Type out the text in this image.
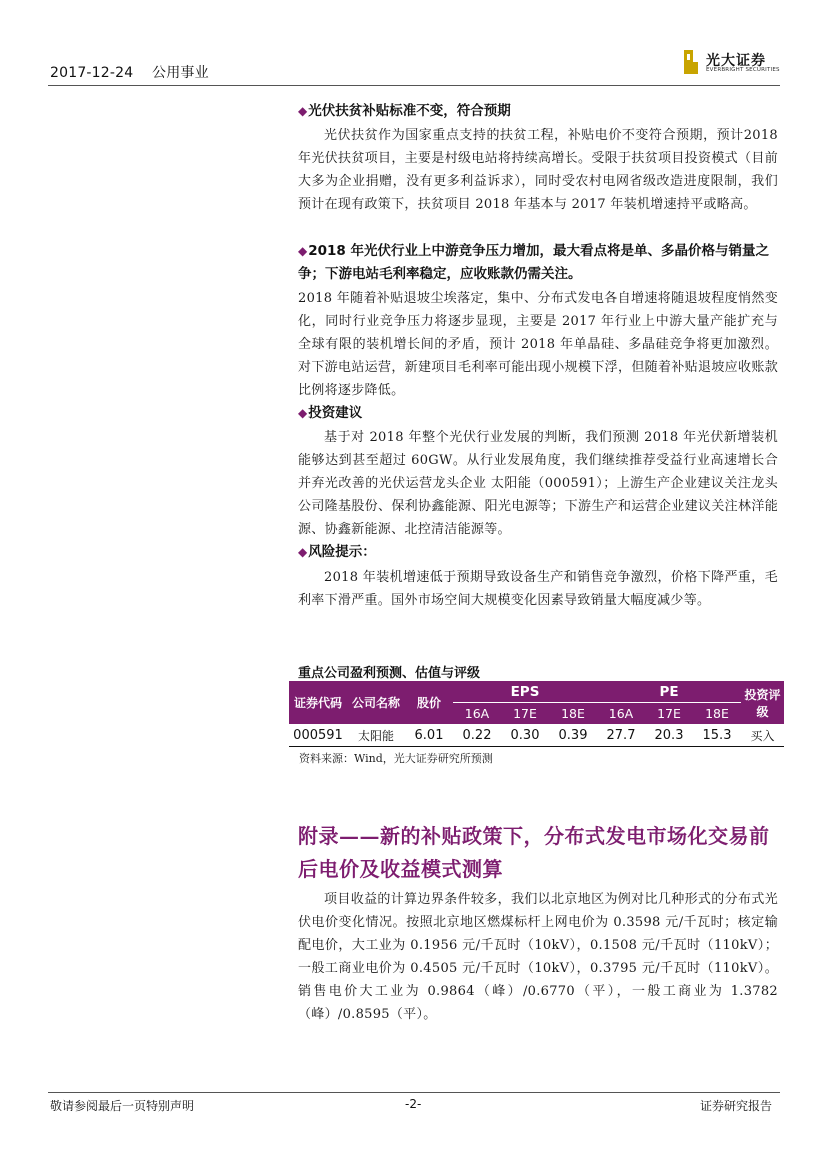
2017-12-24 公用事业
光大证券
EVERBRIGHT SECURITIES
◆光伏扶贫补贴标准不变，符合预期
光伏扶贫作为国家重点支持的扶贫工程，补贴电价不变符合预期，预计2018 年光伏扶贫项目，主要是村级电站将持续高增长。受限于扶贫项目投资模式（目前大多为企业捐赠，没有更多利益诉求），同时受农村电网省级改造进度限制，我们预计在现有政策下，扶贫项目 2018 年基本与 2017 年装机增速持平或略高。
◆2018 年光伏行业上中游竞争压力增加，最大看点将是单、多晶价格与销量之争；下游电站毛利率稳定，应收账款仍需关注。
2018 年随着补贴退坡尘埃落定，集中、分布式发电各自增速将随退坡程度悄然变化，同时行业竞争压力将逐步显现，主要是 2017 年行业上中游大量产能扩充与全球有限的装机增长间的矛盾，预计 2018 年单晶硅、多晶硅竞争将更加激烈。对下游电站运营，新建项目毛利率可能出现小规模下浮，但随着补贴退坡应收账款比例将逐步降低。
◆投资建议
基于对 2018 年整个光伏行业发展的判断，我们预测 2018 年光伏新增装机能够达到甚至超过 60GW。从行业发展角度，我们继续推荐受益行业高速增长合并弃光改善的光伏运营龙头企业 太阳能（000591）；上游生产企业建议关注龙头公司隆基股份、保利协鑫能源、阳光电源等；下游生产和运营企业建议关注林洋能源、协鑫新能源、北控清洁能源等。
◆风险提示：
2018 年装机增速低于预期导致设备生产和销售竞争激烈，价格下降严重，毛利率下滑严重。国外市场空间大规模变化因素导致销量大幅度减少等。
重点公司盈利预测、估值与评级
证券代码	公司名称	股价	EPS			PE			投资评级
			16A	17E	18E	16A	17E	18E	
000591	太阳能	6.01	0.22	0.30	0.39	27.7	20.3	15.3	买入
资料来源：Wind，光大证券研究所预测
附录——新的补贴政策下，分布式发电市场化交易前后电价及收益模式测算
项目收益的计算边界条件较多，我们以北京地区为例对比几种形式的分布式光伏电价变化情况。按照北京地区燃煤标杆上网电价为 0.3598 元/千瓦时；核定输配电价，大工业为 0.1956 元/千瓦时（10kV），0.1508 元/千瓦时（110kV）；一般工商业电价为 0.4505 元/千瓦时（10kV），0.3795 元/千瓦时（110kV）。销售电价大工业为 0.9864（峰）/0.6770（平），一般工商业为 1.3782（峰）/0.8595（平）。
敬请参阅最后一页特别声明	-2-	证券研究报告
